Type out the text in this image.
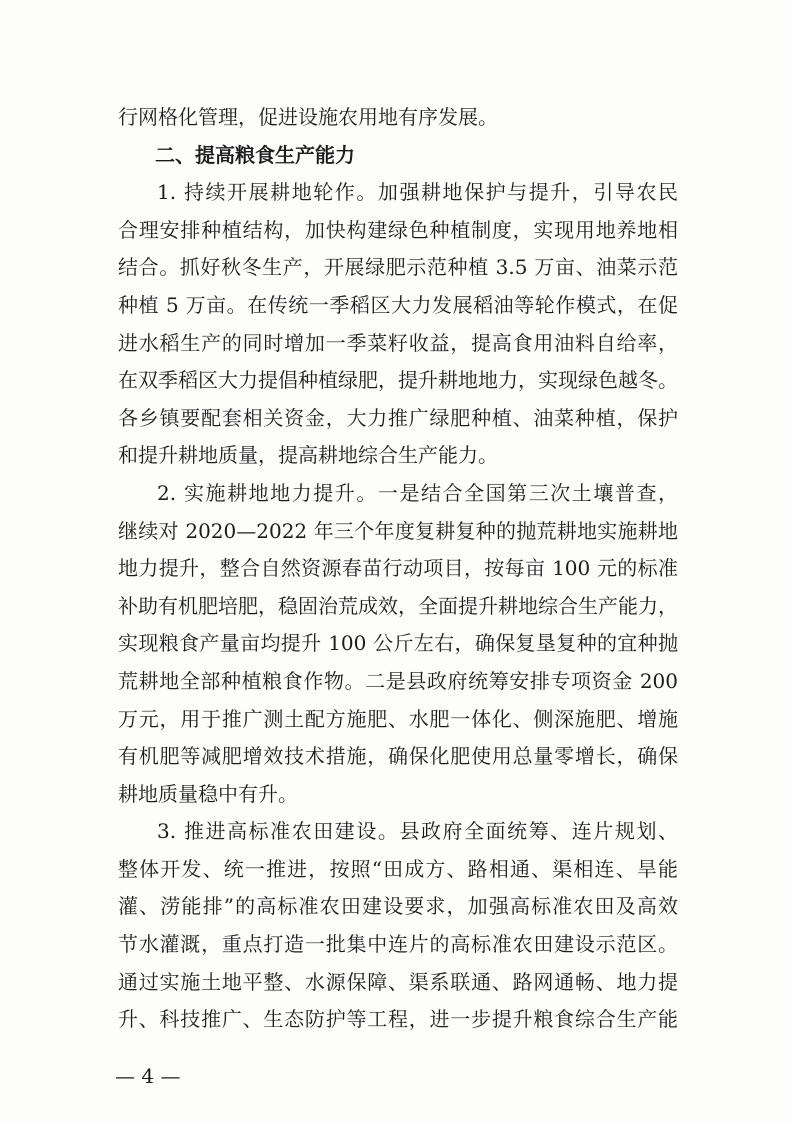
行网格化管理，促进设施农用地有序发展。
二、提高粮食生产能力
1. 持续开展耕地轮作。加强耕地保护与提升，引导农民
合理安排种植结构，加快构建绿色种植制度，实现用地养地相
结合。抓好秋冬生产，开展绿肥示范种植 3.5 万亩、油菜示范
种植 5 万亩。在传统一季稻区大力发展稻油等轮作模式，在促
进水稻生产的同时增加一季菜籽收益，提高食用油料自给率，
在双季稻区大力提倡种植绿肥，提升耕地地力，实现绿色越冬。
各乡镇要配套相关资金，大力推广绿肥种植、油菜种植，保护
和提升耕地质量，提高耕地综合生产能力。
2. 实施耕地地力提升。一是结合全国第三次土壤普查，
继续对 2020—2022 年三个年度复耕复种的抛荒耕地实施耕地
地力提升，整合自然资源春苗行动项目，按每亩 100 元的标准
补助有机肥培肥，稳固治荒成效，全面提升耕地综合生产能力，
实现粮食产量亩均提升 100 公斤左右，确保复垦复种的宜种抛
荒耕地全部种植粮食作物。二是县政府统筹安排专项资金 200
万元，用于推广测土配方施肥、水肥一体化、侧深施肥、增施
有机肥等减肥增效技术措施，确保化肥使用总量零增长，确保
耕地质量稳中有升。
3. 推进高标准农田建设。县政府全面统筹、连片规划、
整体开发、统一推进，按照“田成方、路相通、渠相连、旱能
灌、涝能排”的高标准农田建设要求，加强高标准农田及高效
节水灌溉，重点打造一批集中连片的高标准农田建设示范区。
通过实施土地平整、水源保障、渠系联通、路网通畅、地力提
升、科技推广、生态防护等工程，进一步提升粮食综合生产能
— 4 —
